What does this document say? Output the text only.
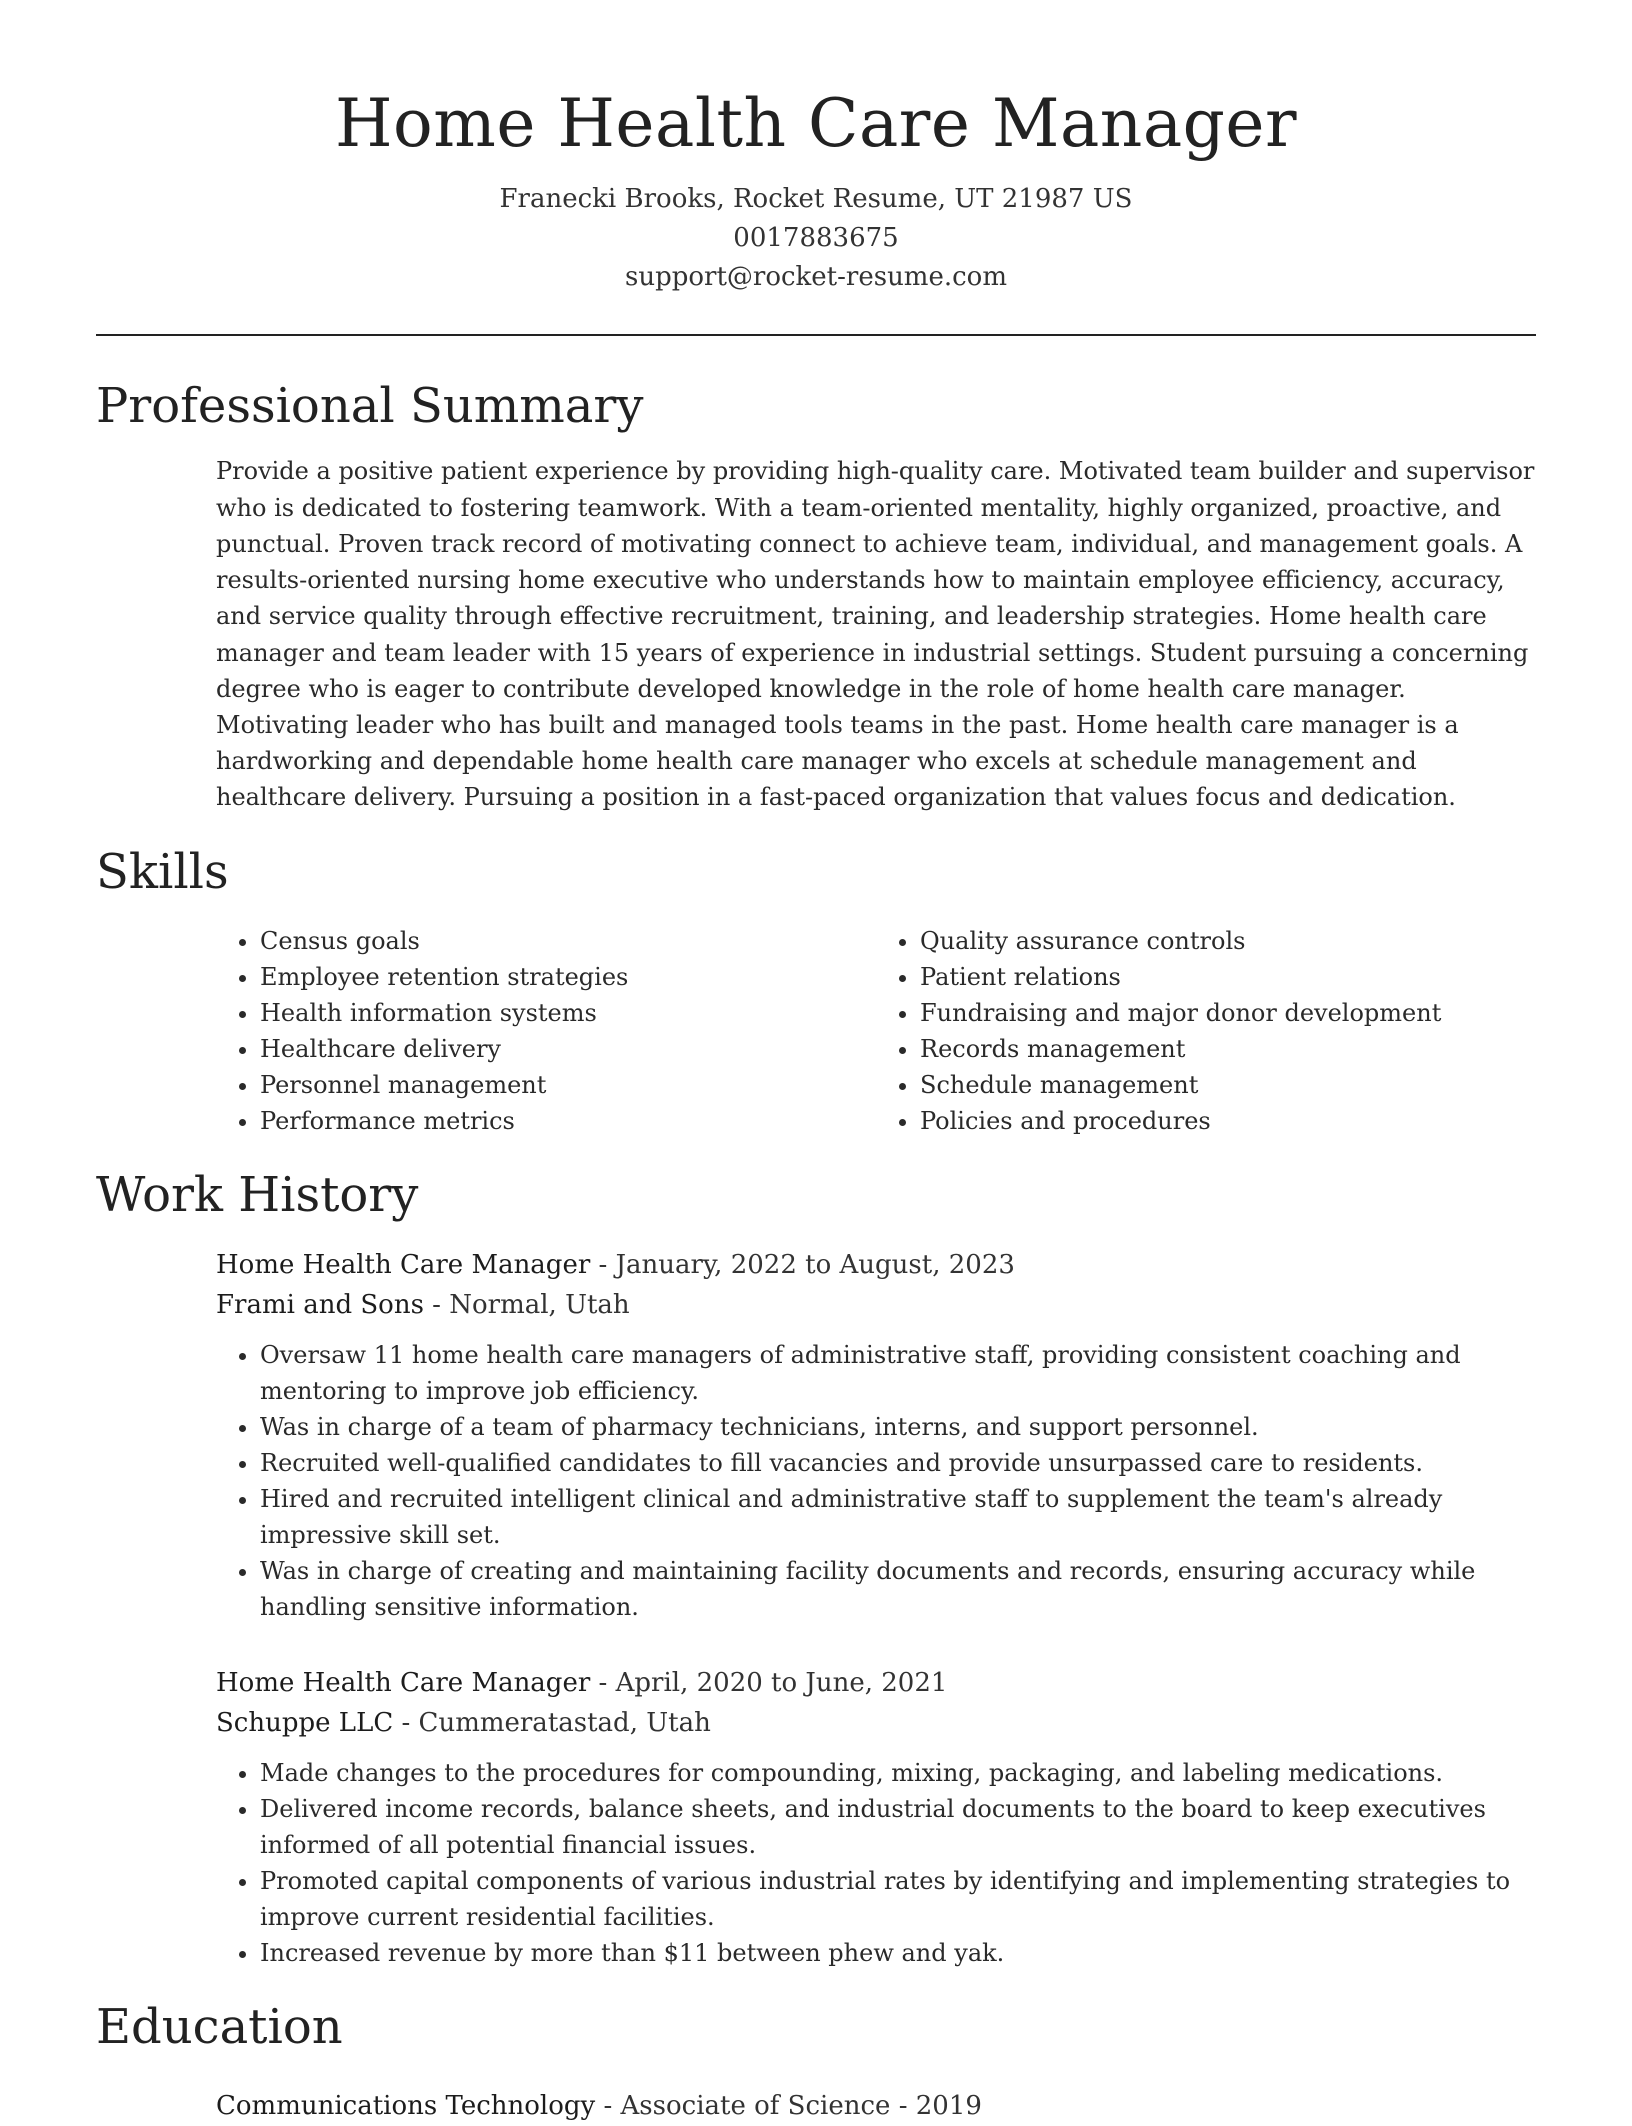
Home Health Care Manager
Franecki Brooks, Rocket Resume, UT 21987 US
0017883675
support@rocket-resume.com
Professional Summary

Provide a positive patient experience by providing high-quality care. Motivated team builder and supervisor who is dedicated to fostering teamwork. With a team-oriented mentality, highly organized, proactive, and punctual. Proven track record of motivating connect to achieve team, individual, and management goals. A results-oriented nursing home executive who understands how to maintain employee efficiency, accuracy, and service quality through effective recruitment, training, and leadership strategies. Home health care manager and team leader with 15 years of experience in industrial settings. Student pursuing a concerning degree who is eager to contribute developed knowledge in the role of home health care manager. Motivating leader who has built and managed tools teams in the past. Home health care manager is a hardworking and dependable home health care manager who excels at schedule management and healthcare delivery. Pursuing a position in a fast-paced organization that values focus and dedication.

Skills
• Census goals
• Employee retention strategies
• Health information systems
• Healthcare delivery
• Personnel management
• Performance metrics
• Quality assurance controls
• Patient relations
• Fundraising and major donor development
• Records management
• Schedule management
• Policies and procedures
Work History
Home Health Care Manager - January, 2022 to August, 2023
Frami and Sons - Normal, Utah
• Oversaw 11 home health care managers of administrative staff, providing consistent coaching and mentoring to improve job efficiency.
• Was in charge of a team of pharmacy technicians, interns, and support personnel.
• Recruited well-qualified candidates to fill vacancies and provide unsurpassed care to residents.
• Hired and recruited intelligent clinical and administrative staff to supplement the team's already impressive skill set.
• Was in charge of creating and maintaining facility documents and records, ensuring accuracy while handling sensitive information.
Home Health Care Manager - April, 2020 to June, 2021
Schuppe LLC - Cummeratastad, Utah
• Made changes to the procedures for compounding, mixing, packaging, and labeling medications.
• Delivered income records, balance sheets, and industrial documents to the board to keep executives informed of all potential financial issues.
• Promoted capital components of various industrial rates by identifying and implementing strategies to improve current residential facilities.
• Increased revenue by more than $11 between phew and yak.
Education
Communications Technology - Associate of Science - 2019
